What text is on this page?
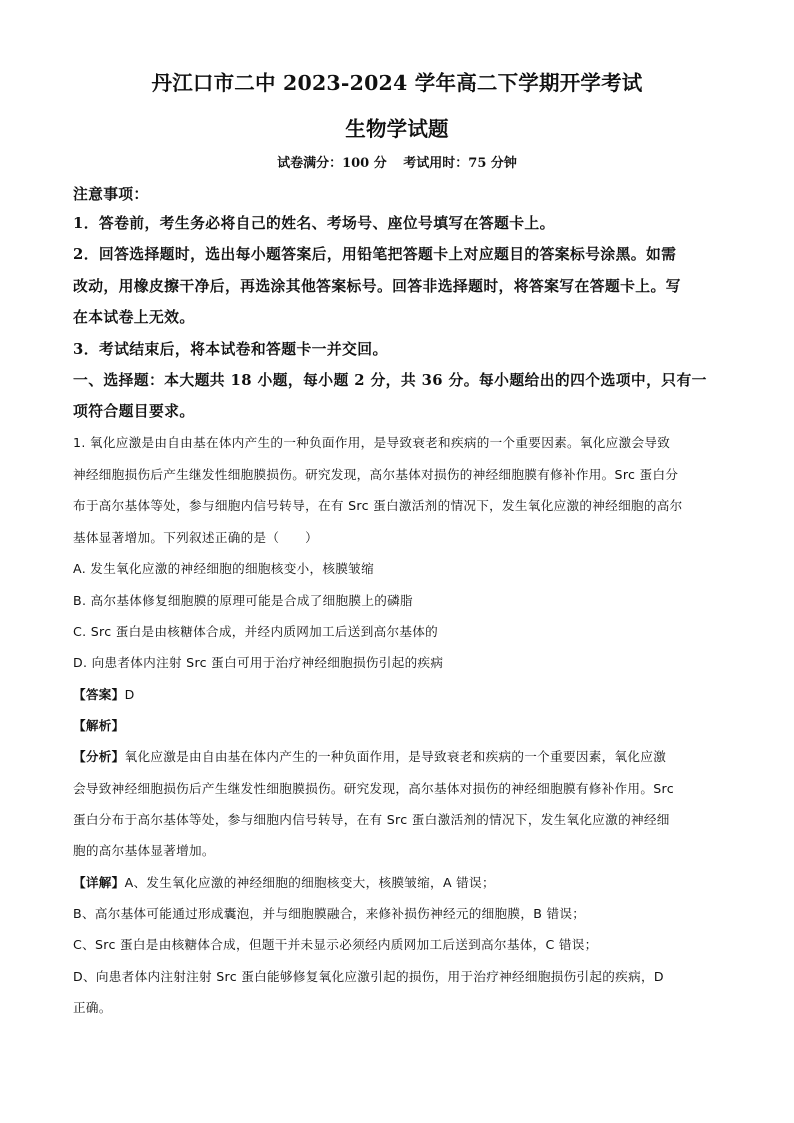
丹江口市二中 2023-2024 学年高二下学期开学考试
生物学试题
试卷满分：100 分 考试用时：75 分钟
注意事项：
1．答卷前，考生务必将自己的姓名、考场号、座位号填写在答题卡上。
2．回答选择题时，选出每小题答案后，用铅笔把答题卡上对应题目的答案标号涂黑。如需
改动，用橡皮擦干净后，再选涂其他答案标号。回答非选择题时，将答案写在答题卡上。写
在本试卷上无效。
3．考试结束后，将本试卷和答题卡一并交回。
一、选择题：本大题共 18 小题，每小题 2 分，共 36 分。每小题给出的四个选项中，只有一
项符合题目要求。
1. 氧化应激是由自由基在体内产生的一种负面作用，是导致衰老和疾病的一个重要因素。氧化应激会导致
神经细胞损伤后产生继发性细胞膜损伤。研究发现，高尔基体对损伤的神经细胞膜有修补作用。Src 蛋白分
布于高尔基体等处，参与细胞内信号转导，在有 Src 蛋白激活剂的情况下，发生氧化应激的神经细胞的高尔
基体显著增加。下列叙述正确的是（　　）
A. 发生氧化应激的神经细胞的细胞核变小，核膜皱缩
B. 高尔基体修复细胞膜的原理可能是合成了细胞膜上的磷脂
C. Src 蛋白是由核糖体合成，并经内质网加工后送到高尔基体的
D. 向患者体内注射 Src 蛋白可用于治疗神经细胞损伤引起的疾病
【答案】D
【解析】
【分析】氧化应激是由自由基在体内产生的一种负面作用，是导致衰老和疾病的一个重要因素，氧化应激
会导致神经细胞损伤后产生继发性细胞膜损伤。研究发现，高尔基体对损伤的神经细胞膜有修补作用。Src
蛋白分布于高尔基体等处，参与细胞内信号转导，在有 Src 蛋白激活剂的情况下，发生氧化应激的神经细
胞的高尔基体显著增加。
【详解】A、发生氧化应激的神经细胞的细胞核变大，核膜皱缩，A 错误；
B、高尔基体可能通过形成囊泡，并与细胞膜融合，来修补损伤神经元的细胞膜，B 错误；
C、Src 蛋白是由核糖体合成，但题干并未显示必须经内质网加工后送到高尔基体，C 错误；
D、向患者体内注射注射 Src 蛋白能够修复氧化应激引起的损伤，用于治疗神经细胞损伤引起的疾病，D
正确。
